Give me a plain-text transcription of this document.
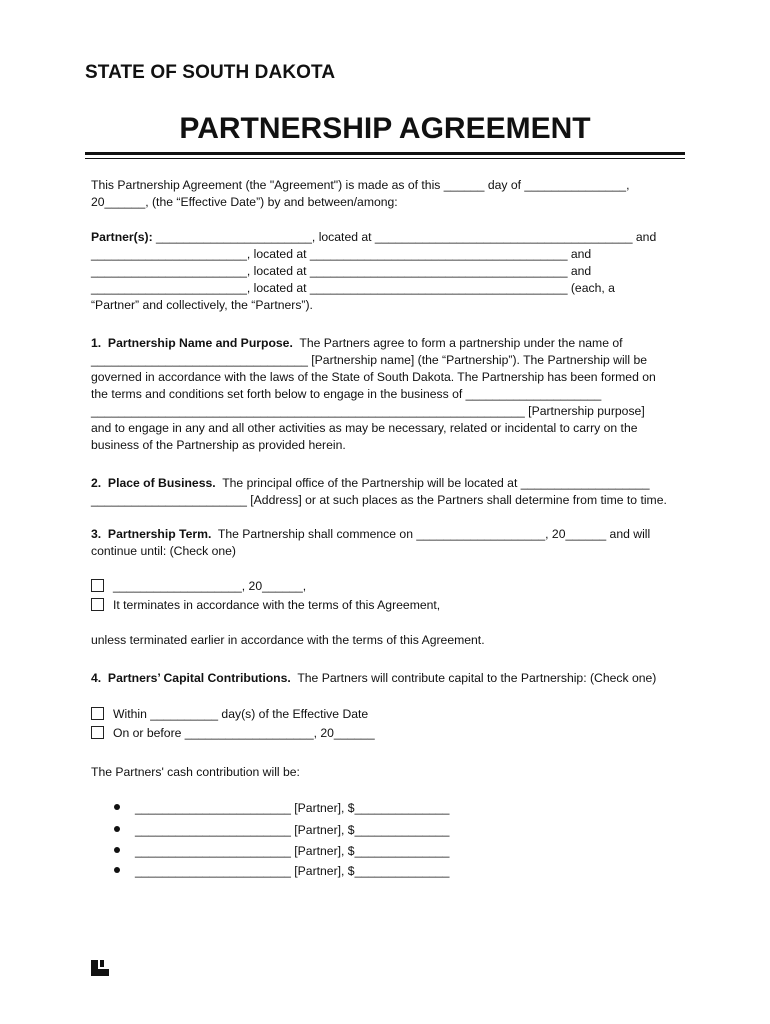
STATE OF SOUTH DAKOTA
PARTNERSHIP AGREEMENT
This Partnership Agreement (the "Agreement") is made as of this ______ day of _______________,
20______, (the “Effective Date”) by and between/among:
Partner(s): _______________________, located at ______________________________________ and
_______________________, located at ______________________________________ and
_______________________, located at ______________________________________ and
_______________________, located at ______________________________________ (each, a
“Partner” and collectively, the “Partners”).
1.  Partnership Name and Purpose.  The Partners agree to form a partnership under the name of
________________________________ [Partnership name] (the “Partnership”). The Partnership will be
governed in accordance with the laws of the State of South Dakota. The Partnership has been formed on
the terms and conditions set forth below to engage in the business of ____________________
________________________________________________________________ [Partnership purpose]
and to engage in any and all other activities as may be necessary, related or incidental to carry on the
business of the Partnership as provided herein.
2.  Place of Business.  The principal office of the Partnership will be located at ___________________
_______________________ [Address] or at such places as the Partners shall determine from time to time.
3.  Partnership Term.  The Partnership shall commence on ___________________, 20______ and will
continue until: (Check one)
___________________, 20______,
It terminates in accordance with the terms of this Agreement,
unless terminated earlier in accordance with the terms of this Agreement.
4.  Partners’ Capital Contributions.  The Partners will contribute capital to the Partnership: (Check one)
Within __________ day(s) of the Effective Date
On or before ___________________, 20______
The Partners' cash contribution will be:
_______________________ [Partner], $______________
_______________________ [Partner], $______________
_______________________ [Partner], $______________
_______________________ [Partner], $______________
